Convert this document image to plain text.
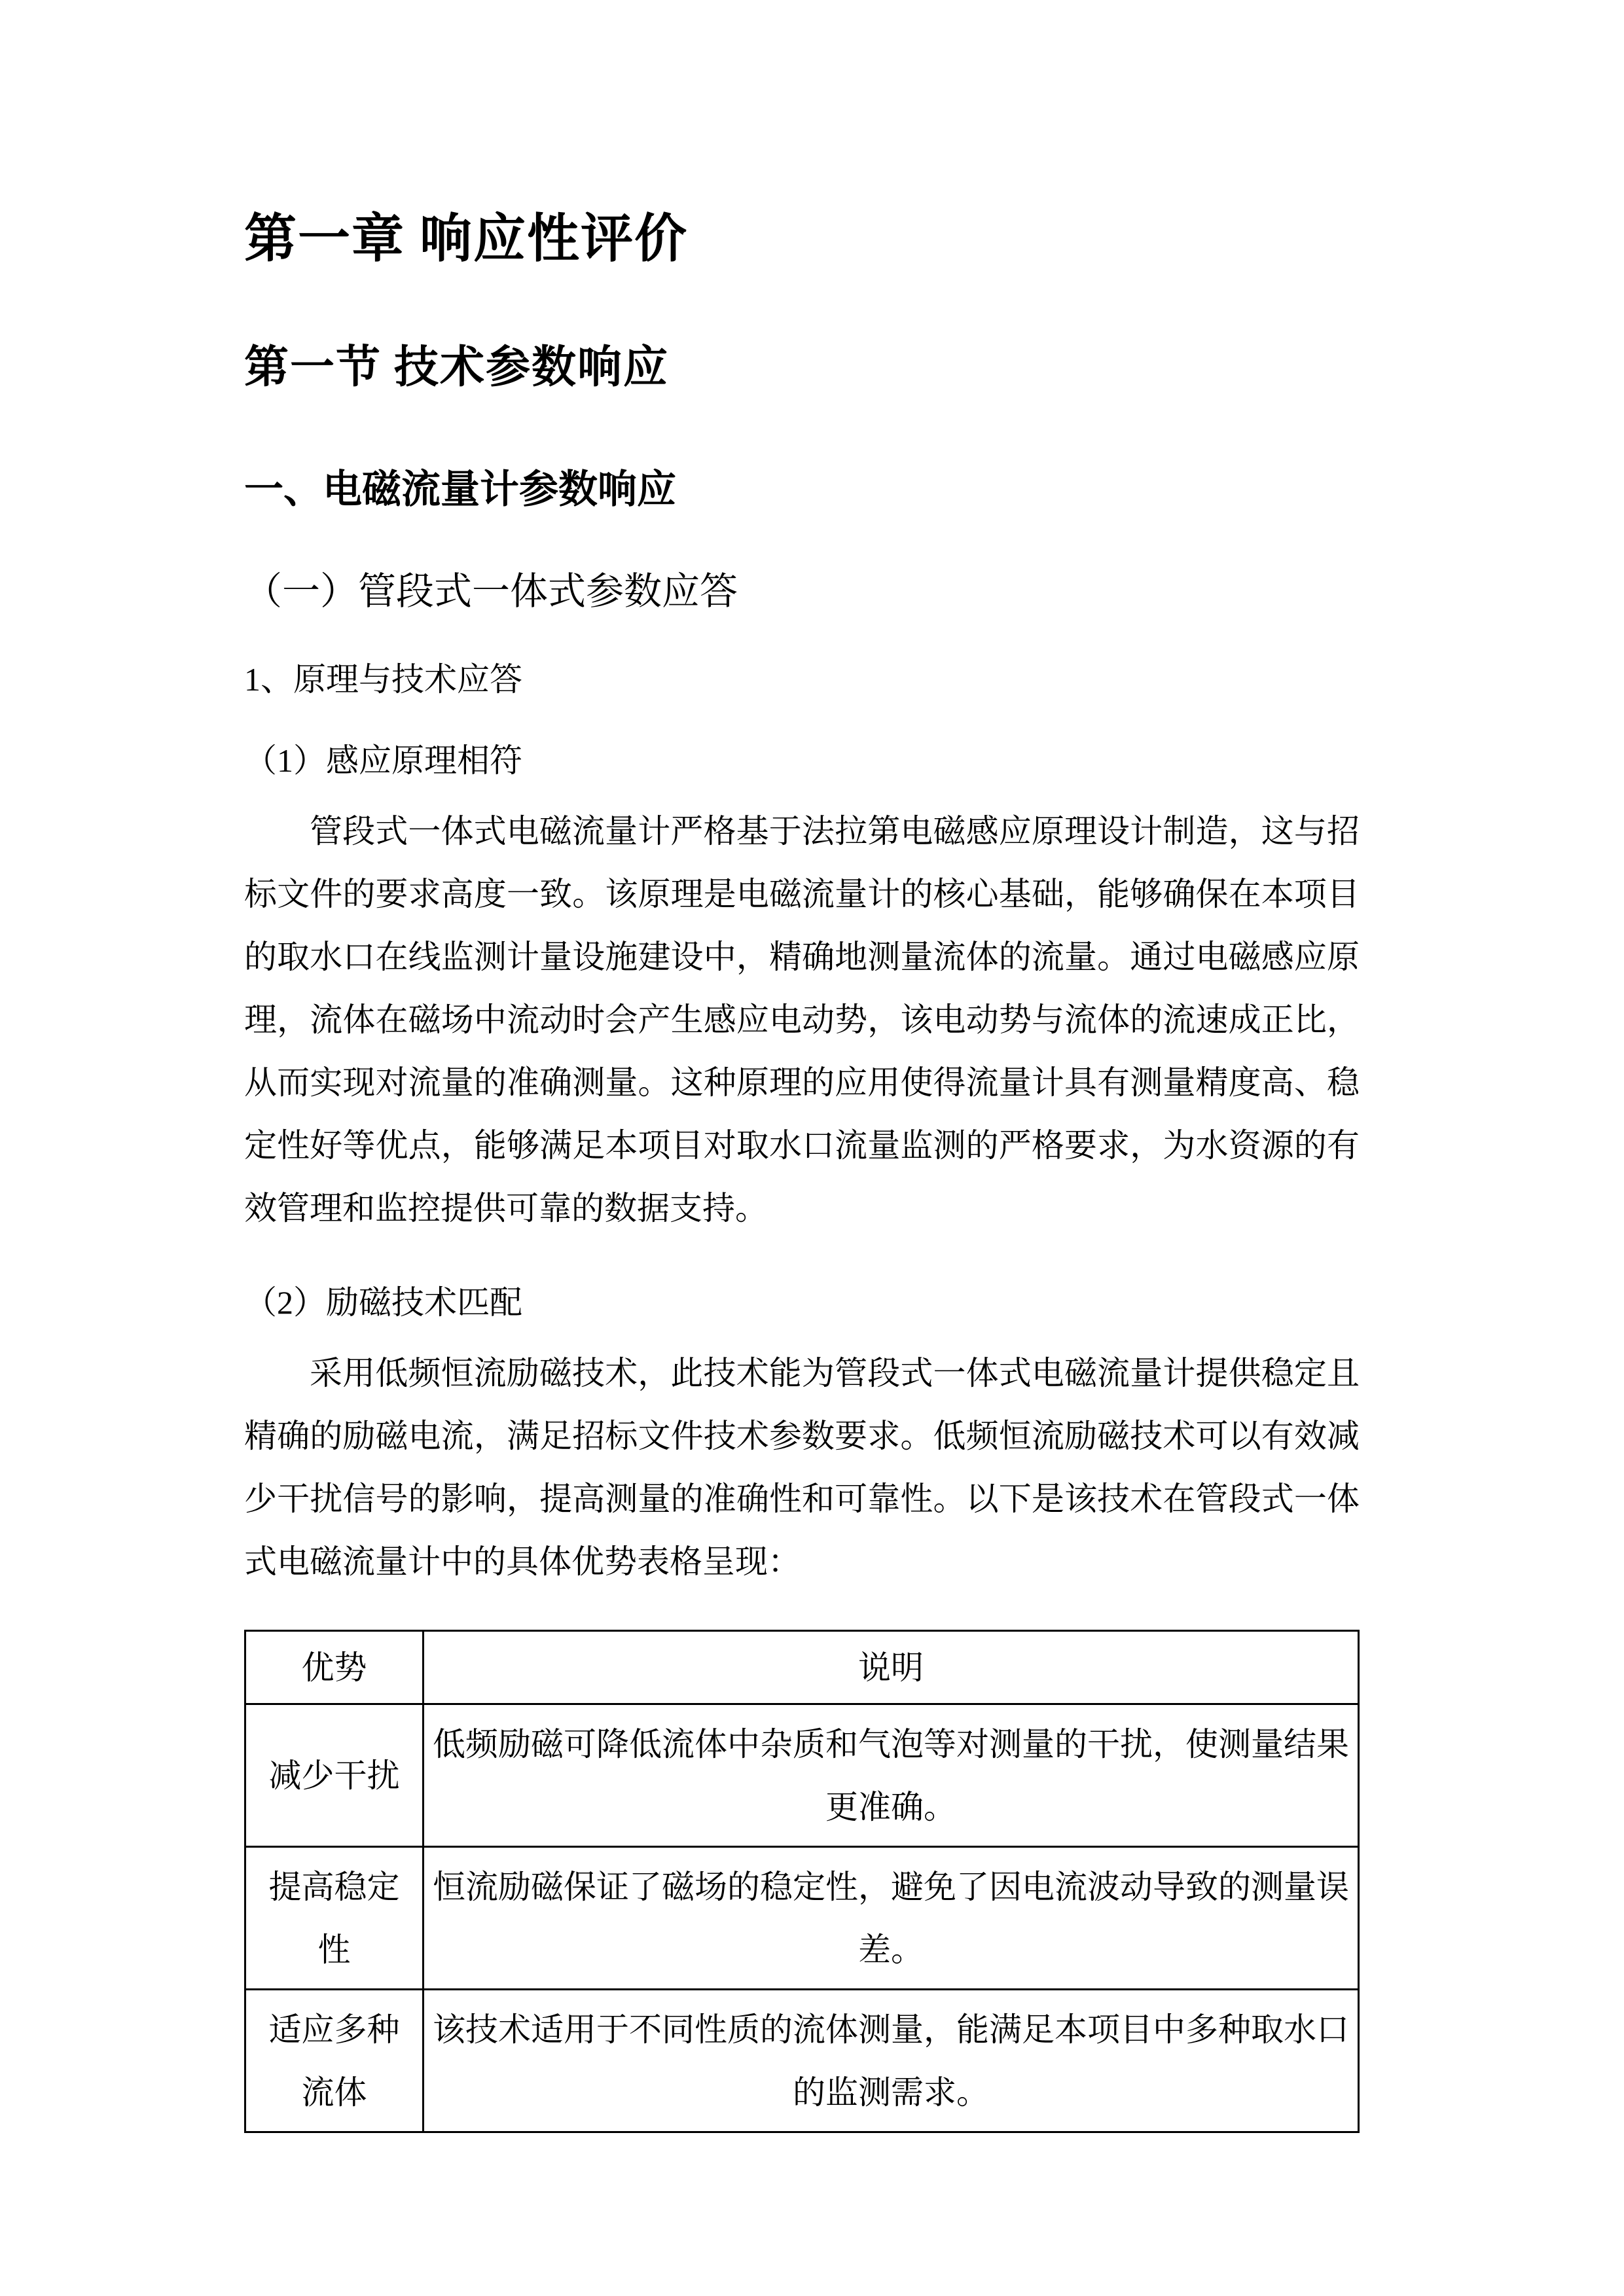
第一章 响应性评价
第一节 技术参数响应
一、电磁流量计参数响应
（一）管段式一体式参数应答
1、原理与技术应答
（1）感应原理相符

管段式一体式电磁流量计严格基于法拉第电磁感应原理设计制造，这与招标文件的要求高度一致。该原理是电磁流量计的核心基础，能够确保在本项目的取水口在线监测计量设施建设中，精确地测量流体的流量。通过电磁感应原理，流体在磁场中流动时会产生感应电动势，该电动势与流体的流速成正比，从而实现对流量的准确测量。这种原理的应用使得流量计具有测量精度高、稳定性好等优点，能够满足本项目对取水口流量监测的严格要求，为水资源的有效管理和监控提供可靠的数据支持。

（2）励磁技术匹配

采用低频恒流励磁技术，此技术能为管段式一体式电磁流量计提供稳定且精确的励磁电流，满足招标文件技术参数要求。低频恒流励磁技术可以有效减少干扰信号的影响，提高测量的准确性和可靠性。以下是该技术在管段式一体式电磁流量计中的具体优势表格呈现：

优势	说明
减少干扰	低频励磁可降低流体中杂质和气泡等对测量的干扰，使测量结果更准确。
提高稳定性	恒流励磁保证了磁场的稳定性，避免了因电流波动导致的测量误差。
适应多种流体	该技术适用于不同性质的流体测量，能满足本项目中多种取水口的监测需求。
